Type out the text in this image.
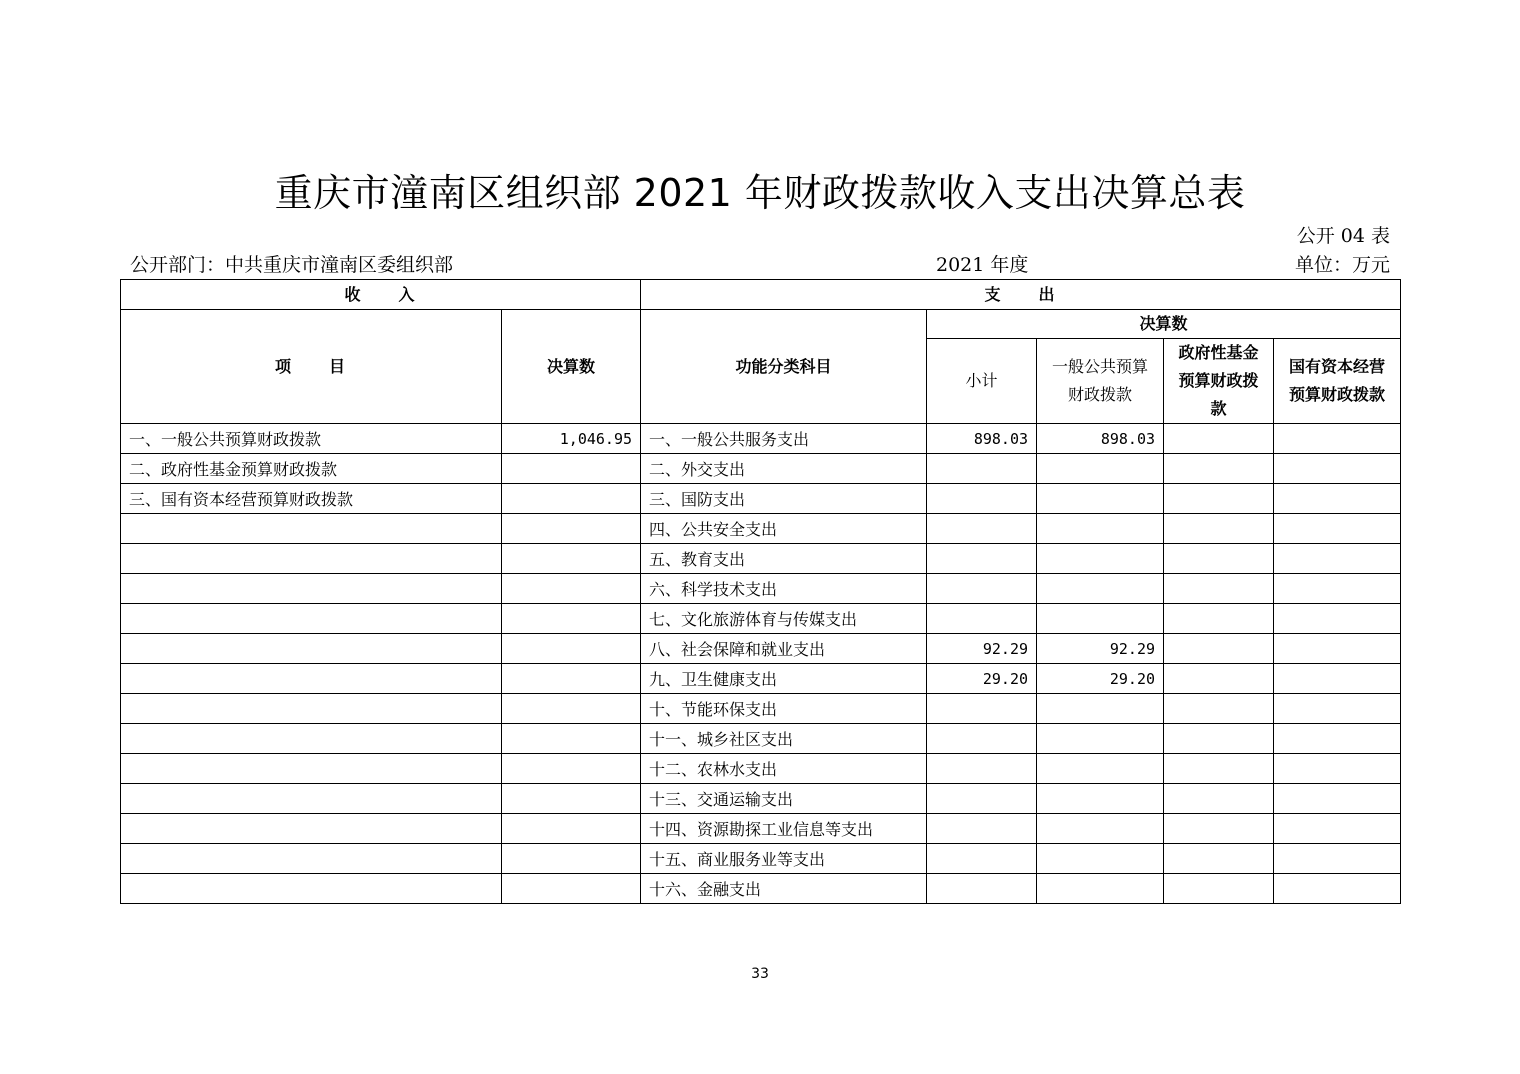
重庆市潼南区组织部 2021 年财政拨款收入支出决算总表
公开 04 表
公开部门：中共重庆市潼南区委组织部	2021 年度	单位：万元
收　　入		支　　出				
项　　目	决算数	功能分类科目	决算数			
			小计	一般公共预算财政拨款	政府性基金预算财政拨款	国有资本经营预算财政拨款
一、一般公共预算财政拨款	1,046.95	一、一般公共服务支出	898.03	898.03		
二、政府性基金预算财政拨款		二、外交支出				
三、国有资本经营预算财政拨款		三、国防支出				
		四、公共安全支出				
		五、教育支出				
		六、科学技术支出				
		七、文化旅游体育与传媒支出				
		八、社会保障和就业支出	92.29	92.29		
		九、卫生健康支出	29.20	29.20		
		十、节能环保支出				
		十一、城乡社区支出				
		十二、农林水支出				
		十三、交通运输支出				
		十四、资源勘探工业信息等支出				
		十五、商业服务业等支出				
		十六、金融支出				
33
